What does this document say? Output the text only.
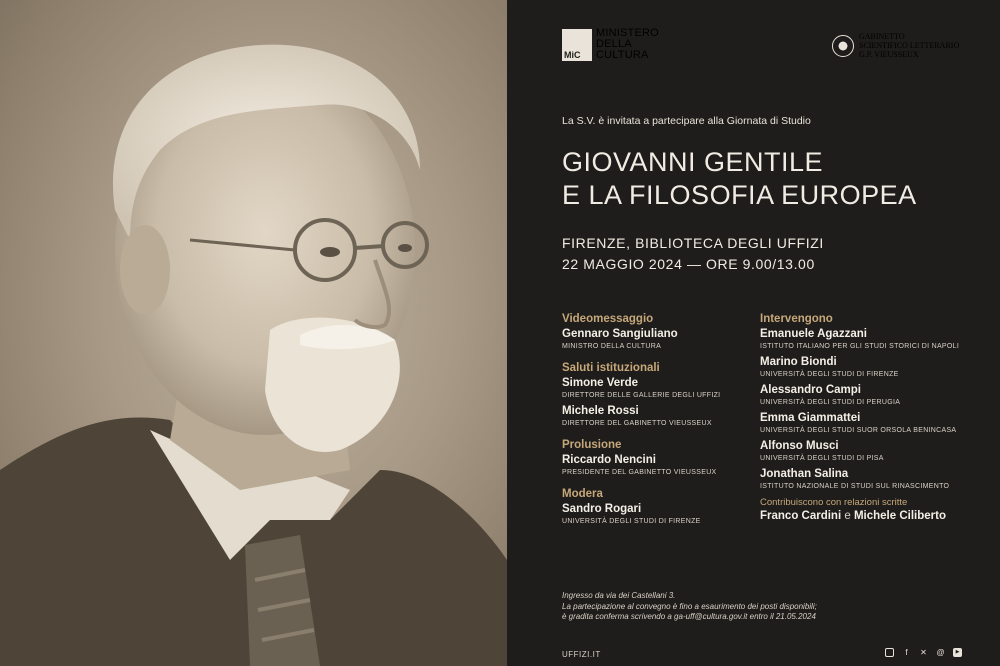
MiC
MINISTERO
DELLA
CULTURA
GABINETTO
SCIENTIFICO LETTERARIO
G.P. VIEUSSEUX
La S.V. è invitata a partecipare alla Giornata di Studio
GIOVANNI GENTILE
E LA FILOSOFIA EUROPEA
FIRENZE, BIBLIOTECA DEGLI UFFIZI
22 MAGGIO 2024 — ORE 9.00/13.00
Videomessaggio
Gennaro Sangiuliano
MINISTRO DELLA CULTURA
Saluti istituzionali
Simone Verde
DIRETTORE DELLE GALLERIE DEGLI UFFIZI
Michele Rossi
DIRETTORE DEL GABINETTO VIEUSSEUX
Prolusione
Riccardo Nencini
PRESIDENTE DEL GABINETTO VIEUSSEUX
Modera
Sandro Rogari
UNIVERSITÀ DEGLI STUDI DI FIRENZE
Intervengono
Emanuele Agazzani
ISTITUTO ITALIANO PER GLI STUDI STORICI DI NAPOLI
Marino Biondi
UNIVERSITÀ DEGLI STUDI DI FIRENZE
Alessandro Campi
UNIVERSITÀ DEGLI STUDI DI PERUGIA
Emma Giammattei
UNIVERSITÀ DEGLI STUDI SUOR ORSOLA BENINCASA
Alfonso Musci
UNIVERSITÀ DEGLI STUDI DI PISA
Jonathan Salina
ISTITUTO NAZIONALE DI STUDI SUL RINASCIMENTO
Contribuiscono con relazioni scritte
Franco Cardini e Michele Ciliberto
Ingresso da via dei Castellani 3.
La partecipazione al convegno è fino a esaurimento dei posti disponibili;
è gradita conferma scrivendo a ga-uff@cultura.gov.it entro il 21.05.2024
UFFIZI.IT	f	✕ @	▶
